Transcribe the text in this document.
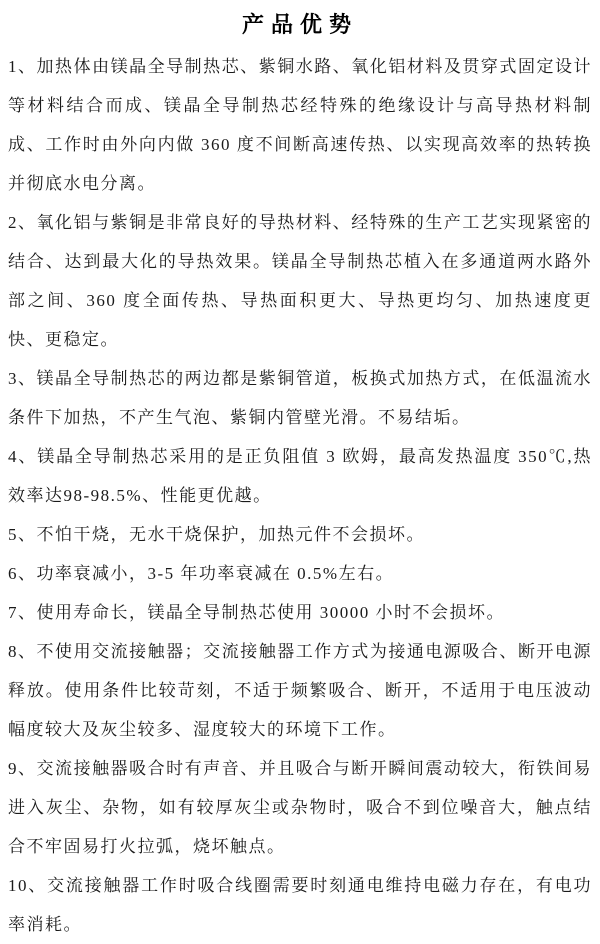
产品优势

1、加热体由镁晶全导制热芯、紫铜水路、氧化铝材料及贯穿式固定设计等材料结合而成、镁晶全导制热芯经特殊的绝缘设计与高导热材料制成、工作时由外向内做 360 度不间断高速传热、以实现高效率的热转换并彻底水电分离。

2、氧化铝与紫铜是非常良好的导热材料、经特殊的生产工艺实现紧密的结合、达到最大化的导热效果。镁晶全导制热芯植入在多通道两水路外部之间、360 度全面传热、导热面积更大、导热更均匀、加热速度更快、更稳定。

3、镁晶全导制热芯的两边都是紫铜管道，板换式加热方式，在低温流水条件下加热，不产生气泡、紫铜内管壁光滑。不易结垢。

4、镁晶全导制热芯采用的是正负阻值 3 欧姆，最高发热温度 350℃,热效率达98-98.5%、性能更优越。

5、不怕干烧，无水干烧保护，加热元件不会损坏。

6、功率衰减小，3-5 年功率衰减在 0.5%左右。

7、使用寿命长，镁晶全导制热芯使用 30000 小时不会损坏。

8、不使用交流接触器；交流接触器工作方式为接通电源吸合、断开电源释放。使用条件比较苛刻，不适于频繁吸合、断开，不适用于电压波动幅度较大及灰尘较多、湿度较大的环境下工作。

9、交流接触器吸合时有声音、并且吸合与断开瞬间震动较大，衔铁间易进入灰尘、杂物，如有较厚灰尘或杂物时，吸合不到位噪音大，触点结合不牢固易打火拉弧，烧坏触点。

10、交流接触器工作时吸合线圈需要时刻通电维持电磁力存在，有电功率消耗。
